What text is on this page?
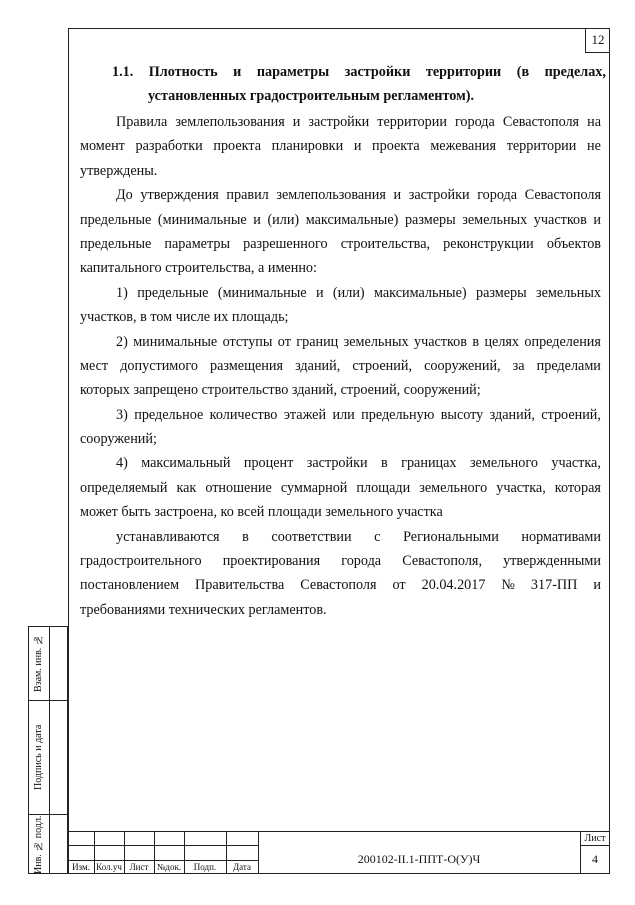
12
1.1. Плотность и параметры застройки территории (в пределах,
установленных градостроительным регламентом).
Правила землепользования и застройки территории города Севастополя на
момент разработки проекта планировки и проекта межевания территории не
утверждены.
До утверждения правил землепользования и застройки города Севастополя
предельные (минимальные и (или) максимальные) размеры земельных участков и
предельные параметры разрешенного строительства, реконструкции объектов
капитального строительства, а именно:
1) предельные (минимальные и (или) максимальные) размеры земельных
участков, в том числе их площадь;
2) минимальные отступы от границ земельных участков в целях определения
мест допустимого размещения зданий, строений, сооружений, за пределами
которых запрещено строительство зданий, строений, сооружений;
3) предельное количество этажей или предельную высоту зданий, строений,
сооружений;
4) максимальный процент застройки в границах земельного участка,
определяемый как отношение суммарной площади земельного участка, которая
может быть застроена, ко всей площади земельного участка
устанавливаются в соответствии с Региональными нормативами
градостроительного проектирования города Севастополя, утвержденными
постановлением Правительства Севастополя от 20.04.2017 № 317-ПП и
требованиями технических регламентов.
Взам. инв. №
Подпись и дата
Инв. № подл.	Изм. Кол.уч Лист №док.	Подп.	Дата
200102-II.1-ППТ-О(У)Ч
Лист
4
